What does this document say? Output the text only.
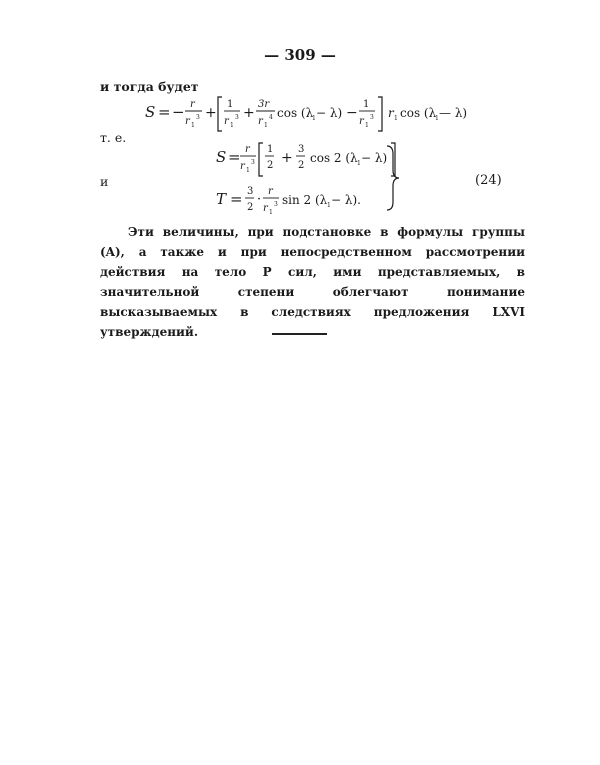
— 309 —
и тогда будет
S = − r
r 1
3 +
1
r 1
3 +
3r
r 1
4 cos (λ
1 − λ) −
1
r 1
3 r 1 cos (λ
1 — λ)
т. е.
S = r
r 1
3
1
2 +
3
2
cos 2 (λ 1 − λ)
T = 3
2
·
r
r 1
3 sin 2 (λ 1 − λ).
и	(24)
Эти величины, при подстановке в формулы группы (A), а также и при непосредственном рассмотрении действия на тело P сил, ими представляемых, в значительной степени облегчают понимание высказываемых в следствиях предложения LXVI утверждений.
